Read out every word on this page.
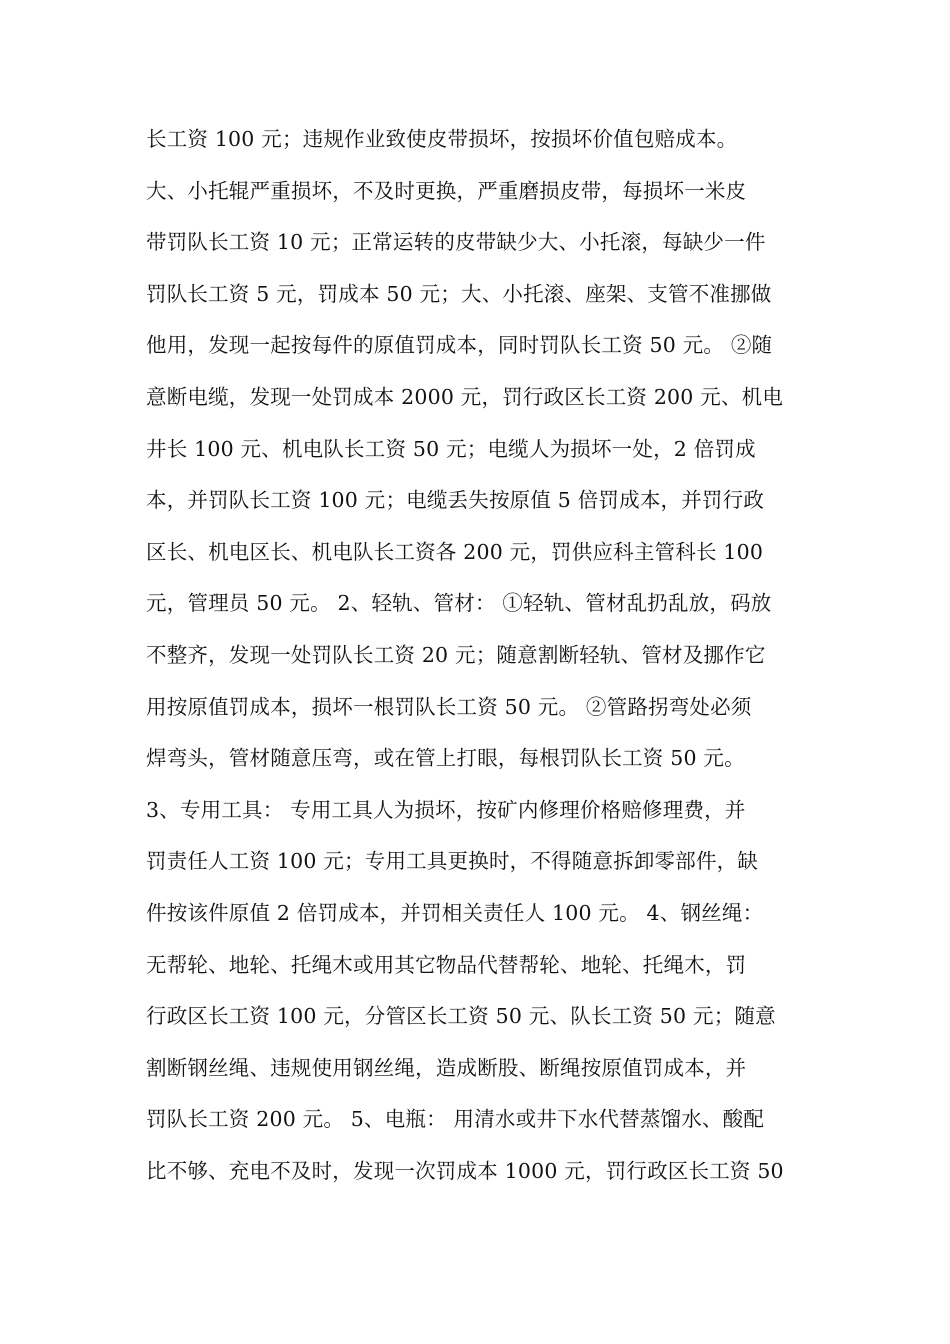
长工资 100 元；违规作业致使皮带损坏，按损坏价值包赔成本。
大、小托辊严重损坏，不及时更换，严重磨损皮带，每损坏一米皮
带罚队长工资 10 元；正常运转的皮带缺少大、小托滚，每缺少一件
罚队长工资 5 元，罚成本 50 元；大、小托滚、座架、支管不准挪做
他用，发现一起按每件的原值罚成本，同时罚队长工资 50 元。 ②随
意断电缆，发现一处罚成本 2000 元，罚行政区长工资 200 元、机电
井长 100 元、机电队长工资 50 元；电缆人为损坏一处，2 倍罚成
本，并罚队长工资 100 元；电缆丢失按原值 5 倍罚成本，并罚行政
区长、机电区长、机电队长工资各 200 元，罚供应科主管科长 100
元，管理员 50 元。 2、轻轨、管材： ①轻轨、管材乱扔乱放，码放
不整齐，发现一处罚队长工资 20 元；随意割断轻轨、管材及挪作它
用按原值罚成本，损坏一根罚队长工资 50 元。 ②管路拐弯处必须
焊弯头，管材随意压弯，或在管上打眼，每根罚队长工资 50 元。
3、专用工具： 专用工具人为损坏，按矿内修理价格赔修理费，并
罚责任人工资 100 元；专用工具更换时，不得随意拆卸零部件，缺
件按该件原值 2 倍罚成本，并罚相关责任人 100 元。 4、钢丝绳：
无帮轮、地轮、托绳木或用其它物品代替帮轮、地轮、托绳木，罚
行政区长工资 100 元，分管区长工资 50 元、队长工资 50 元；随意
割断钢丝绳、违规使用钢丝绳，造成断股、断绳按原值罚成本，并
罚队长工资 200 元。 5、电瓶： 用清水或井下水代替蒸馏水、酸配
比不够、充电不及时，发现一次罚成本 1000 元，罚行政区长工资 50
